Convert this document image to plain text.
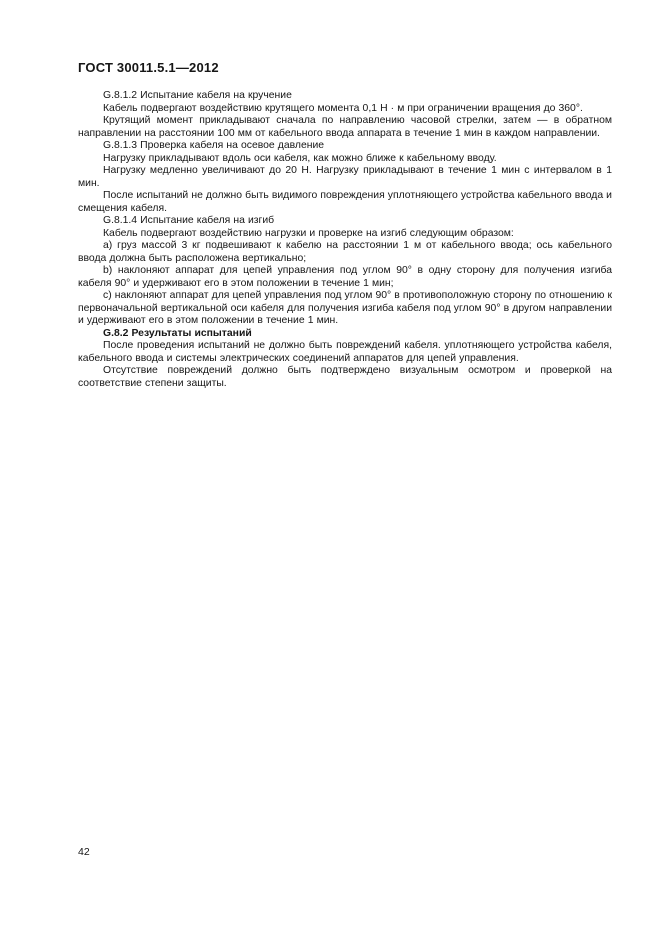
ГОСТ 30011.5.1—2012

G.8.1.2 Испытание кабеля на кручение

Кабель подвергают воздействию крутящего момента 0,1 Н · м при ограничении вращения до 360°.

Крутящий момент прикладывают сначала по направлению часовой стрелки, затем — в обратном направлении на расстоянии 100 мм от кабельного ввода аппарата в течение 1 мин в каждом направлении.

G.8.1.3 Проверка кабеля на осевое давление

Нагрузку прикладывают вдоль оси кабеля, как можно ближе к кабельному вводу.

Нагрузку медленно увеличивают до 20 Н. Нагрузку прикладывают в течение 1 мин с интервалом в 1 мин.

После испытаний не должно быть видимого повреждения уплотняющего устройства кабельного ввода и смещения кабеля.

G.8.1.4 Испытание кабеля на изгиб

Кабель подвергают воздействию нагрузки и проверке на изгиб следующим образом:

a) груз массой 3 кг подвешивают к кабелю на расстоянии 1 м от кабельного ввода; ось кабельного ввода должна быть расположена вертикально;

b) наклоняют аппарат для цепей управления под углом 90° в одну сторону для получения изгиба кабеля 90° и удерживают его в этом положении в течение 1 мин;

c) наклоняют аппарат для цепей управления под углом 90° в противоположную сторону по отношению к первоначальной вертикальной оси кабеля для получения изгиба кабеля под углом 90° в другом направлении и удерживают его в этом положении в течение 1 мин.

G.8.2 Результаты испытаний

После проведения испытаний не должно быть повреждений кабеля. уплотняющего устройства кабеля, кабельного ввода и системы электрических соединений аппаратов для цепей управления.

Отсутствие повреждений должно быть подтверждено визуальным осмотром и проверкой на соответствие степени защиты.

42
